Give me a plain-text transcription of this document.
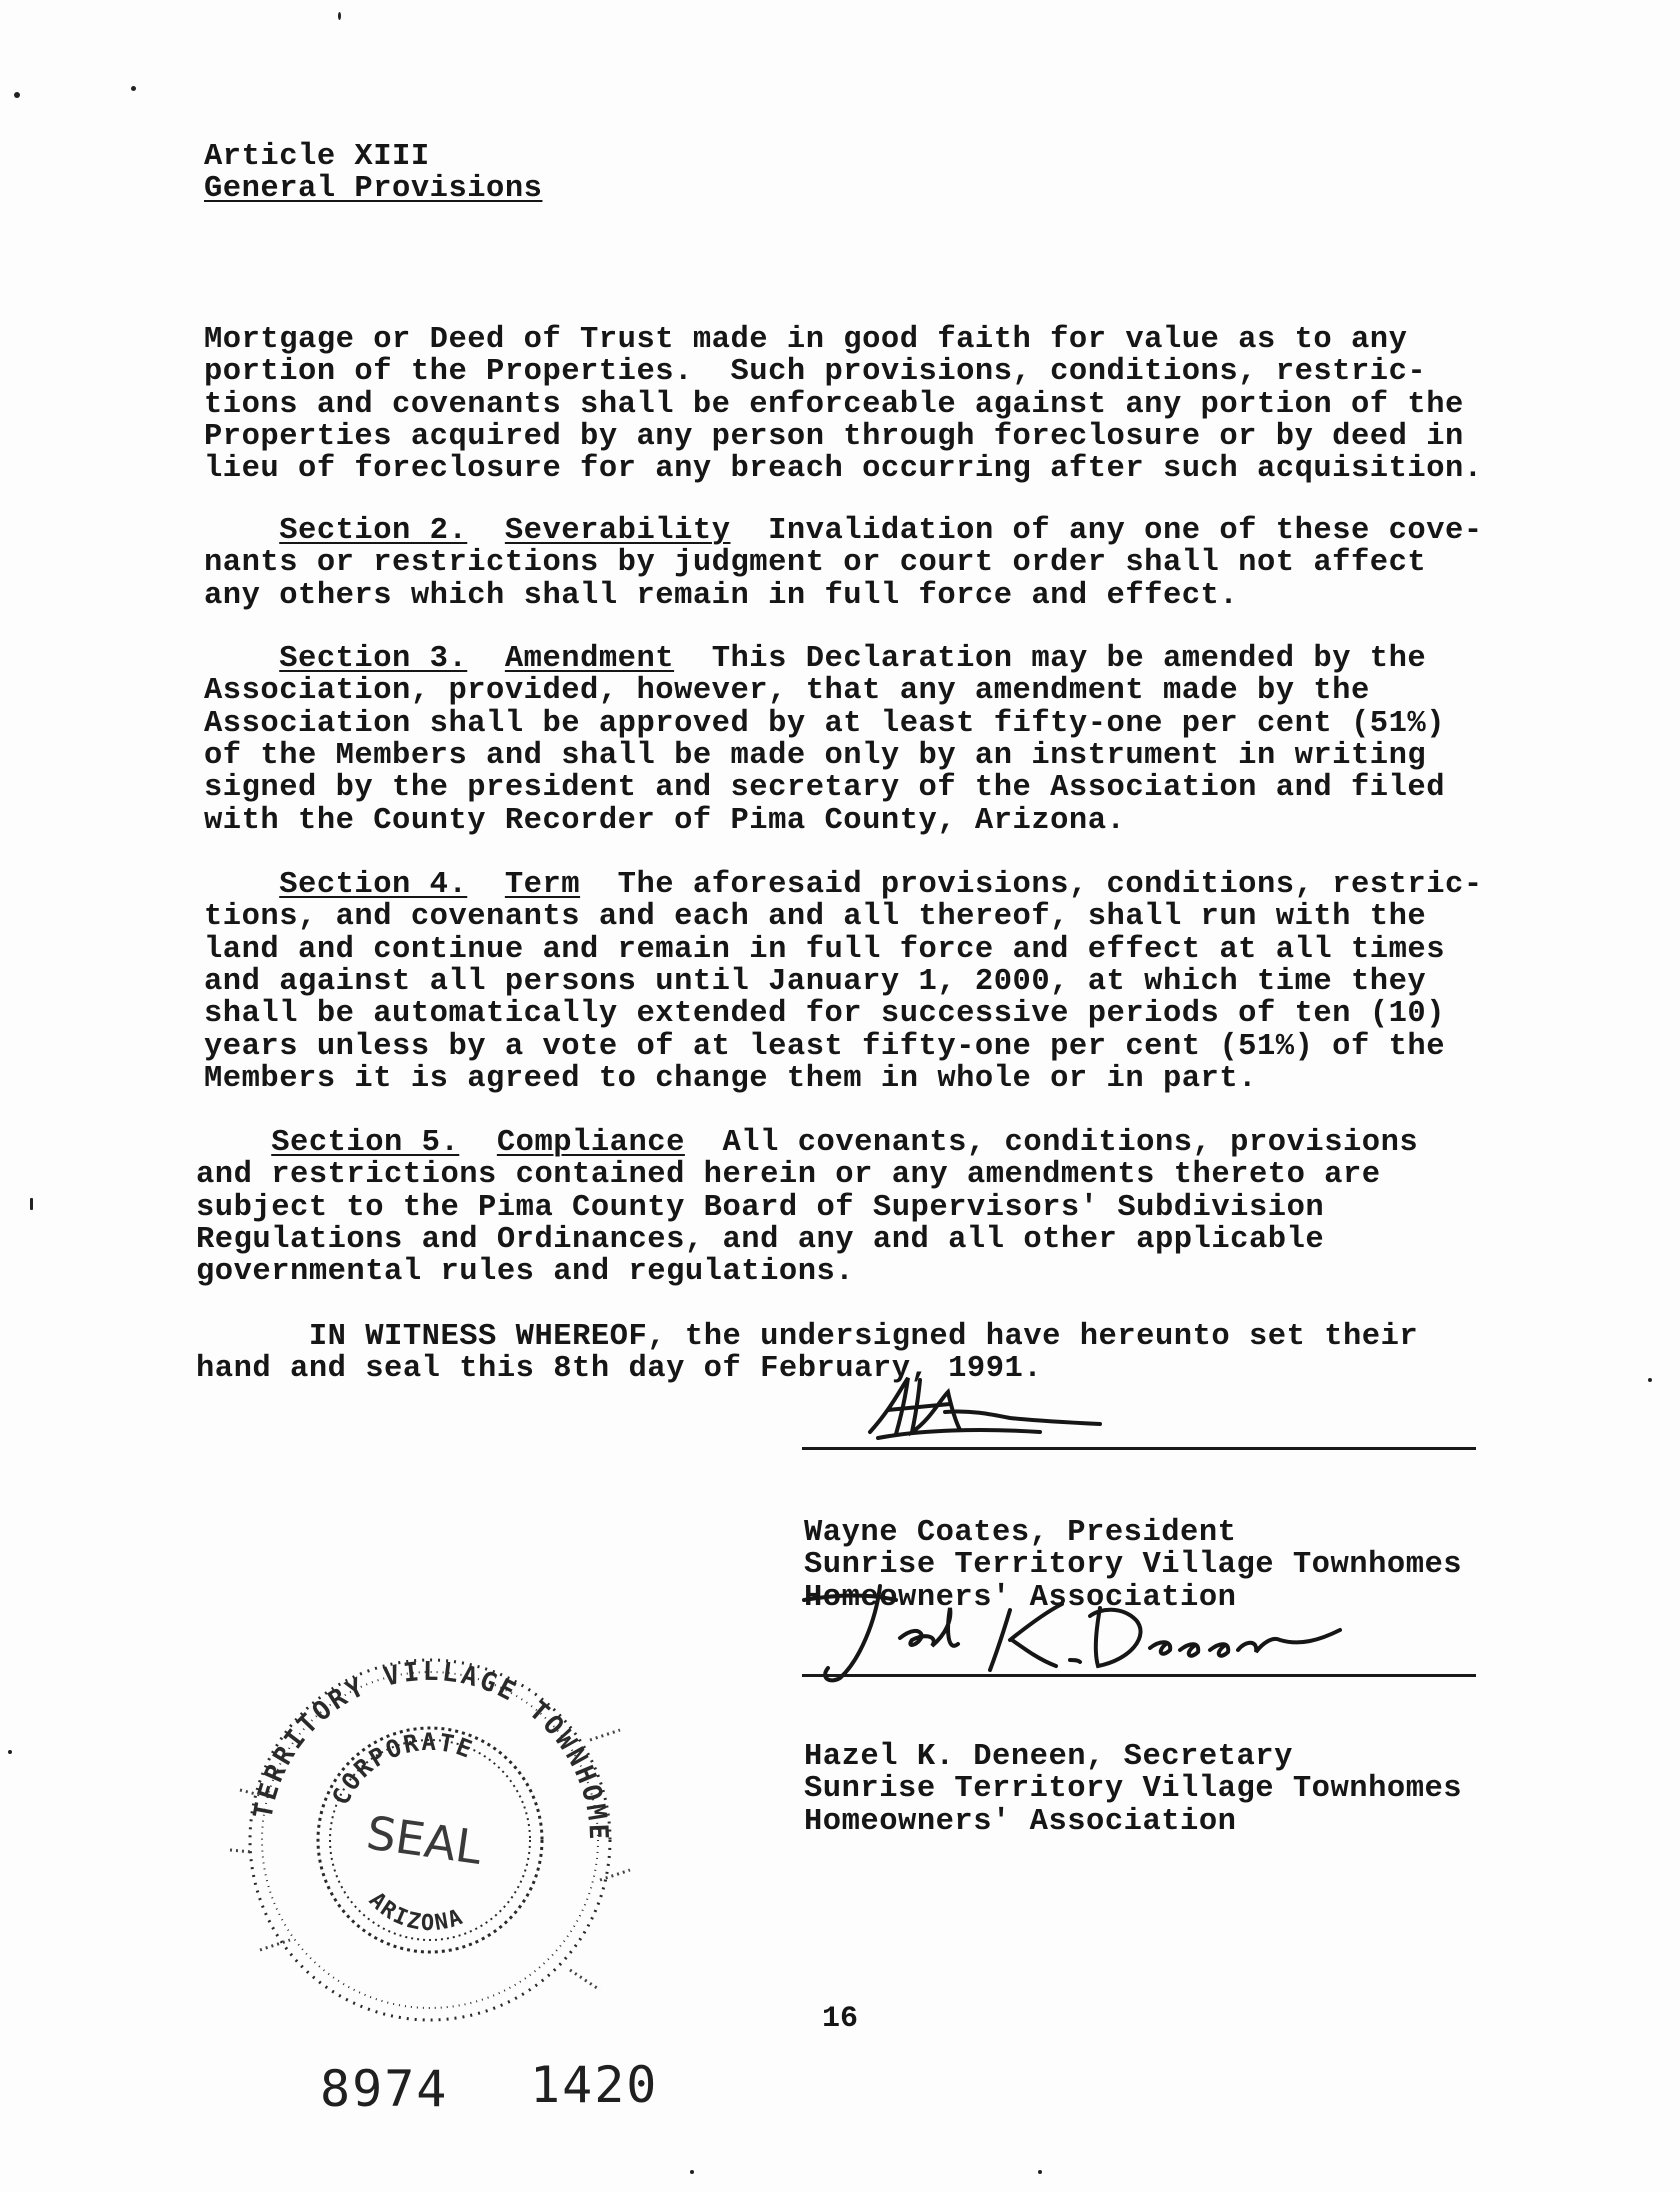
Article XIII
General Provisions

Mortgage or Deed of Trust made in good faith for value as to any
portion of the Properties.  Such provisions, conditions, restric-
tions and covenants shall be enforceable against any portion of the
Properties acquired by any person through foreclosure or by deed in
lieu of foreclosure for any breach occurring after such acquisition.

Section 2. Severability  Invalidation of any one of these cove-
nants or restrictions by judgment or court order shall not affect
any others which shall remain in full force and effect.

Section 3. Amendment  This Declaration may be amended by the
Association, provided, however, that any amendment made by the
Association shall be approved by at least fifty-one per cent (51%)
of the Members and shall be made only by an instrument in writing
signed by the president and secretary of the Association and filed
with the County Recorder of Pima County, Arizona.

Section 4. Term  The aforesaid provisions, conditions, restric-
tions, and covenants and each and all thereof, shall run with the
land and continue and remain in full force and effect at all times
and against all persons until January 1, 2000, at which time they
shall be automatically extended for successive periods of ten (10)
years unless by a vote of at least fifty-one per cent (51%) of the
Members it is agreed to change them in whole or in part.

Section 5. Compliance  All covenants, conditions, provisions
and restrictions contained herein or any amendments thereto are
subject to the Pima County Board of Supervisors' Subdivision
Regulations and Ordinances, and any and all other applicable
governmental rules and regulations.

IN WITNESS WHEREOF, the undersigned have hereunto set their
hand and seal this 8th day of February, 1991.

Wayne Coates, President
Sunrise Territory Village Townhomes
Homeowners' Association

Hazel K. Deneen, Secretary
Sunrise Territory Village Townhomes
Homeowners' Association

TERRITORY VILLAGE TOWNHOMES
CORPORATE
ARIZONA
SEAL
16
8974 1420
